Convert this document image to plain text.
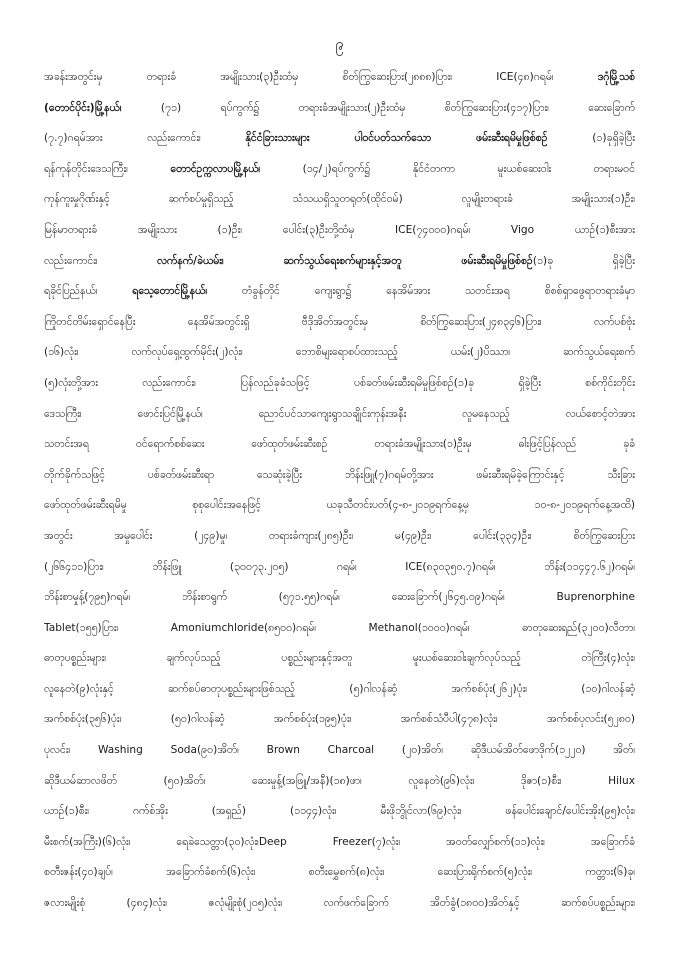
၉
အခန်းအတွင်းမှ တရားခံ အမျိုးသား(၃)ဦးထံမှ စိတ်ကြွဆေးပြား(၂၈၈၈)ပြား၊ ICE(၄၈)ဂရမ်၊ ဒဂုံမြို့သစ်
(တောင်ပိုင်း)မြို့နယ်၊ (၇၁) ရပ်ကွက်၌ တရားခံအမျိုးသား(၂)ဦးထံမှ စိတ်ကြွဆေးပြား(၄၁၇)ပြား၊ ဆေးခြောက်
(၇.၇)ဂရမ်အား လည်းကောင်း၊ နိုင်ငံခြားသားများ ပါဝင်ပတ်သက်သော ဖမ်းဆီးရမိမှုဖြစ်စဉ် (၁)ခုရှိခဲ့ပြီး
ရန်ကုန်တိုင်းဒေသကြီး၊ တောင်ဥက္ကလာပမြို့နယ်၊ (၁၄/၂)ရပ်ကွက်၌ နိုင်ငံတကာ မူးယစ်ဆေးဝါး တရားမဝင်
ကုန်ကူးမှုဂိုဏ်းနှင့် ဆက်စပ်မှုရှိသည့် သံသယရှိသူတရုတ်(ထိုင်ဝမ်) လူမျိုးတရားခံ အမျိုးသား(၁)ဦး၊
မြန်မာတရားခံ အမျိုးသား (၁)ဦး၊ ပေါင်း(၃)ဦးတို့ထံမှ ICE(၇၄၀၀၀)ဂရမ်၊ Vigo ယာဉ်(၁)စီးအား
လည်းကောင်း၊ လက်နက်/ခဲယမ်း၊ ဆက်သွယ်ရေးစက်များနှင့်အတူ ဖမ်းဆီးရမိမှုဖြစ်စဉ်(၁)ခု ရှိခဲ့ပြီး
ရခိုင်ပြည်နယ်၊ ရသေ့တောင်မြို့နယ်၊ တံခွန်တိုင် ကျေးရွာ၌ နေအိမ်အား သတင်းအရ စိစစ်ရှာဖွေရာတရားခံမှာ
ကြိုတင်တိမ်းရှောင်နေပြီး နေအိမ်အတွင်းရှိ ဗီဒိုအိတ်အတွင်းမှ စိတ်ကြွဆေးပြား(၂၄၈၃၄၆)ပြား၊ လက်ပစ်ဗုံး
(၁၆)လုံး၊ လက်လုပ်ရှေ့ထွက်မိုင်း(၂)လုံး၊ ဘောစိမျးရောစပ်ထားသည့် ယမ်း(၂)ပိဿာ၊ ဆက်သွယ်ရေးစက်
(၅)လုံးတို့အား လည်းကောင်း၊ ပြန်လည်ခုခံသဖြင့် ပစ်ခတ်ဖမ်းဆီးရမိမှုဖြစ်စဉ်(၁)ခု ရှိခဲ့ပြီး စစ်ကိုင်းတိုင်း
ဒေသကြီး၊ ဖောင်းပြင်မြို့နယ်၊ ညောင်ပင်သာကျေးရွာသချိုင်းကုန်းအနီး လူမနေသည့် လယ်စောင့်တဲအား
သတင်းအရ ဝင်ရောက်စစ်ဆေး ဖော်ထုတ်ဖမ်းဆီးစဉ် တရားခံအမျိုးသား(၁)ဦးမှ ဓါးဖြင့်ပြန်လည် ခုခံ
တိုက်ခိုက်သဖြင့် ပစ်ခတ်ဖမ်းဆီးရာ သေဆုံးခဲ့ပြီး ဘိန်းဖြူ(၇)ဂရမ်တို့အား ဖမ်းဆီးရမိခဲ့ကြောင်းနှင့် သီးခြား
ဖော်ထုတ်ဖမ်းဆီးရမိမှု စုစုပေါင်းအနေဖြင့် ယခုသီတင်းပတ်(၄-၈-၂၀၁၉ရက်နေ့မှ ၁၀-၈-၂၀၁၉ရက်နေ့အထိ)
အတွင်း အမှုပေါင်း (၂၄၉)မှု၊ တရားခံကျား(၂၈၅)ဦး၊ မ(၄၉)ဦး၊ ပေါင်း(၃၃၄)ဦး၊ စိတ်ကြွဆေးပြား
(၂၆၆၄၁၁)ပြား၊ ဘိန်းဖြူ (၃၀၀၇၃.၂၀၅) ဂရမ်၊ ICE(၈၃၀၃၅၀.၇)ဂရမ်၊ ဘိန်း(၁၁၄၄၇.၆၂)ဂရမ်၊
ဘိန်းစာမှုန့်(၇၉၅)ဂရမ်၊ ဘိန်းစာရွက် (၅၇၁.၅၅)ဂရမ်၊ ဆေးခြောက်(၂၆၄၅.၀၉)ဂရမ်၊ Buprenorphine
Tablet(၁၅၅)ပြား၊ Amoniumchloride(၈၅၀၀)ဂရမ်၊ Methanol(၁၀၀၀)ဂရမ်၊ ဓာတုဆေးရည်(၃၂၀၀)လီတာ၊
ဓာတုပစ္စည်းများ၊ ချက်လုပ်သည့် ပစ္စည်းများနှင့်အတူ မူးယစ်ဆေးဝါးချက်လုပ်သည့် တဲကြီး(၄)လုံး၊
လူနေတဲ(၉)လုံးနှင့် ဆက်စပ်ဓာတုပစ္စည်းများဖြစ်သည့် (၅)ဂါလန်ဆံ့ အက်စစ်ပုံး(၂၆၂)ပုံး၊ (၁၀)ဂါလန်ဆံ့
အက်စစ်ပုံး(၃၅၆)ပုံး၊ (၅၀)ဂါလန်ဆံ့ အက်စစ်ပုံး(၁၉၅)ပုံး၊ အက်စစ်သံပီပါ(၄၇၈)လုံး၊ အက်စစ်ပုလင်း(၅၂၈၀)
ပုလင်း၊ Washing Soda(၉၀)အိတ်၊ Brown Charcoal (၂၀)အိတ်၊ ဆိုဒီယမ်အိတ်ဖောဒိုက်(၁၂၂၀) အိတ်၊
ဆိုဒီယမ်ဆာလဖိတ် (၅၀)အိတ်၊ ဆေးမှုန့်(အဖြူ/အနီ)(၁၈)ဖာ၊ လူနေတဲ(၉၆)လုံး၊ ဒိုဇာ(၁)စီး၊ Hilux
ယာဉ်(၁)စီး၊ ဂက်စ်အိုး (အရှည်) (၁၁၄၄)လုံး၊ မီးဖိုဘွိုင်လာ(၆၉)လုံး၊ ဖန်ပေါင်းချောင်/ပေါင်းအိုး(၉၅)လုံး၊
မီးစက်(အကြီး)(၆)လုံး၊ ရေခဲသေတ္တာ(၃၀)လုံး၊Deep Freezer(၇)လုံး၊ အဝတ်လျှော်စက်(၁၁)လုံး၊ အခြောက်ခံ
စတီးဇန်း(၄၀)ချပ်၊ အခြောက်ခံစက်(၆)လုံး၊ စတီးမွှေစက်(၈)လုံး၊ ဆေးပြားရိုက်စက်(၅)လုံး၊ ကတ္တား(၆)ခု၊
ဇလားမျိုးစုံ (၄၈၄)လုံး၊ ဇလုံမျိုးစုံ(၂၀၅)လုံး၊ လက်ဖက်ခြောက် အိတ်ခွံ(၁၈၀၀)အိတ်နှင့် ဆက်စပ်ပစ္စည်းများ၊
